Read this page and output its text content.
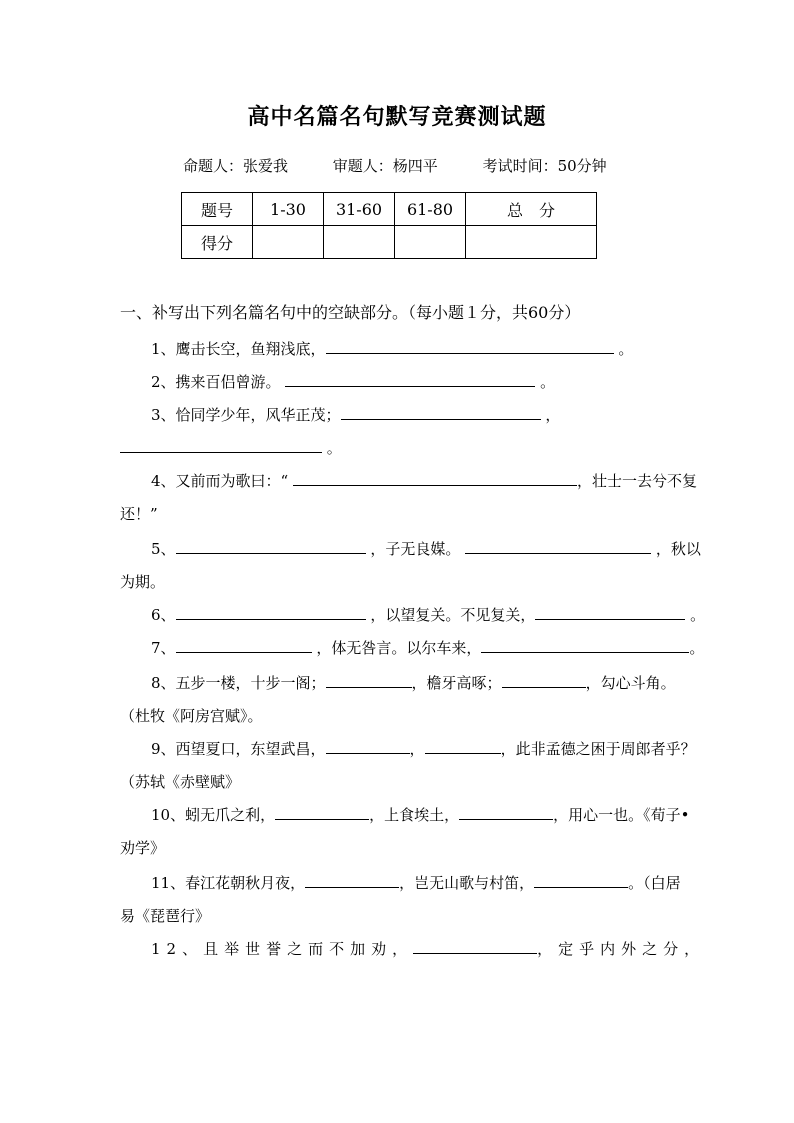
高中名篇名句默写竞赛测试题
命题人：张爱我	审题人：杨四平	考试时间：50分钟
题号	1-30	31-60	61-80	总　分
得分				
一、补写出下列名篇名句中的空缺部分。（每小题１分，共60分）
1、鹰击长空，鱼翔浅底，	。
2、携来百侣曾游。	。
3、恰同学少年，风华正茂；	，
。
4、又前而为歌曰：“	，壮士一去兮不复
还！”
5、	，子无良媒。	，秋以
为期。
6、	，以望复关。不见复关，	。
7、	，体无咎言。以尔车来，	。
8、五步一楼，十步一阁；	，檐牙高啄；	，勾心斗角。
（杜牧《阿房宫赋》。
9、西望夏口，东望武昌，	，	，此非孟德之困于周郎者乎？
（苏轼《赤壁赋》
10、蚓无爪之利，	，上食埃土，	，用心一也。《荀子•
劝学》
11、春江花朝秋月夜，	，岂无山歌与村笛，	。（白居
易《琵琶行》
12、且举世誉之而不加劝，	，定乎内外之分，
